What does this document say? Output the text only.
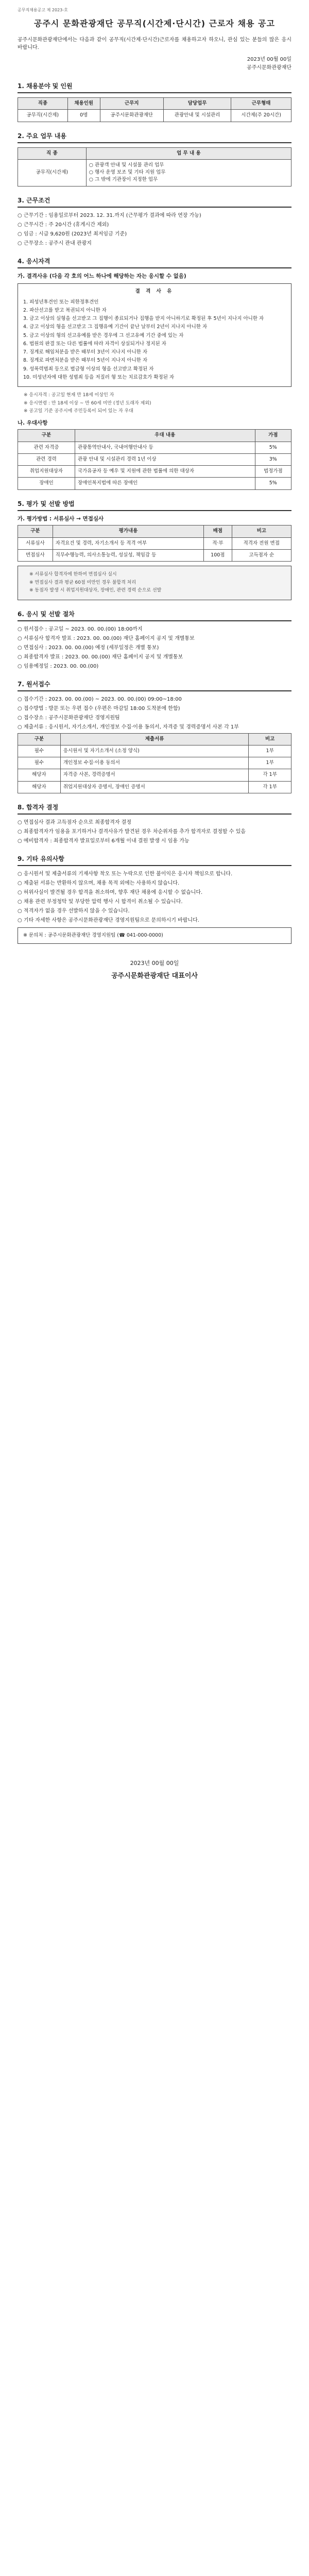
공무직채용공고 제 2023-호
공주시 문화관광재단 공무직(시간제·단시간) 근로자 채용 공고

공주시문화관광재단에서는 다음과 같이 공무직(시간제·단시간)근로자를 채용하고자 하오니, 관심 있는 분들의 많은 응시 바랍니다.

2023년 00월 00일
공주시문화관광재단
1. 채용분야 및 인원
직종	채용인원	근무지	담당업무	근무형태
공무직(시간제)	0명	공주시문화관광재단	관광안내 및 시설관리	시간제(주 20시간)
2. 주요 업무 내용
직 종	업 무 내 용
공무직(시간제)	○ 관광객 안내 및 시설물 관리 업무
○ 행사 운영 보조 및 기타 지원 업무
○ 그 밖에 기관장이 지정한 업무
3. 근무조건
○ 근무기간 : 임용일로부터 2023. 12. 31.까지 (근무평가 결과에 따라 연장 가능)
○ 근무시간 : 주 20시간 (휴게시간 제외)
○ 임금 : 시급 9,620원 (2023년 최저임금 기준)
○ 근무장소 : 공주시 관내 관광지
4. 응시자격
가. 결격사유 (다음 각 호의 어느 하나에 해당하는 자는 응시할 수 없음)
결 격 사 유
1. 피성년후견인 또는 피한정후견인
2. 파산선고를 받고 복권되지 아니한 자
3. 금고 이상의 실형을 선고받고 그 집행이 종료되거나 집행을 받지 아니하기로 확정된 후 5년이 지나지 아니한 자
4. 금고 이상의 형을 선고받고 그 집행유예 기간이 끝난 날부터 2년이 지나지 아니한 자
5. 금고 이상의 형의 선고유예를 받은 경우에 그 선고유예 기간 중에 있는 자
6. 법원의 판결 또는 다른 법률에 따라 자격이 상실되거나 정지된 자
7. 징계로 해임처분을 받은 때부터 3년이 지나지 아니한 자
8. 징계로 파면처분을 받은 때부터 5년이 지나지 아니한 자
9. 성폭력범죄 등으로 벌금형 이상의 형을 선고받고 확정된 자
10. 미성년자에 대한 성범죄 등을 저질러 형 또는 치료감호가 확정된 자
※ 응시자격 : 공고일 현재 만 18세 이상인 자
※ 응시연령 : 만 18세 이상 ~ 만 60세 미만 (정년 도래자 제외)
※ 공고일 기준 공주시에 주민등록이 되어 있는 자 우대
나. 우대사항
구분	우대 내용	가점
관련 자격증	관광통역안내사, 국내여행안내사 등	5%
관련 경력	관광 안내 및 시설관리 경력 1년 이상	3%
취업지원대상자	국가유공자 등 예우 및 지원에 관한 법률에 의한 대상자	법정가점
장애인	장애인복지법에 따른 장애인	5%
5. 평가 및 선발 방법
가. 평가방법 : 서류심사 → 면접심사
구분	평가내용	배점	비고
서류심사	자격요건 및 경력, 자기소개서 등 적격 여부	적·부	적격자 전원 면접
면접심사	직무수행능력, 의사소통능력, 성실성, 책임감 등	100점	고득점자 순
※ 서류심사 합격자에 한하여 면접심사 실시
※ 면접심사 결과 평균 60점 미만인 경우 불합격 처리
※ 동점자 발생 시 취업지원대상자, 장애인, 관련 경력 순으로 선발
6. 응시 및 선발 절차
○ 원서접수 : 공고일 ~ 2023. 00. 00.(00) 18:00까지
○ 서류심사 합격자 발표 : 2023. 00. 00.(00) 재단 홈페이지 공지 및 개별통보
○ 면접심사 : 2023. 00. 00.(00) 예정 (세부일정은 개별 통보)
○ 최종합격자 발표 : 2023. 00. 00.(00) 재단 홈페이지 공지 및 개별통보
○ 임용예정일 : 2023. 00. 00.(00)
7. 원서접수
○ 접수기간 : 2023. 00. 00.(00) ~ 2023. 00. 00.(00) 09:00~18:00
○ 접수방법 : 방문 또는 우편 접수 (우편은 마감일 18:00 도착분에 한함)
○ 접수장소 : 공주시문화관광재단 경영지원팀
○ 제출서류 : 응시원서, 자기소개서, 개인정보 수집·이용 동의서, 자격증 및 경력증명서 사본 각 1부
구분	제출서류	비고
필수	응시원서 및 자기소개서 (소정 양식)	1부
필수	개인정보 수집·이용 동의서	1부
해당자	자격증 사본, 경력증명서	각 1부
해당자	취업지원대상자 증명서, 장애인 증명서	각 1부
8. 합격자 결정
○ 면접심사 결과 고득점자 순으로 최종합격자 결정
○ 최종합격자가 임용을 포기하거나 결격사유가 발견된 경우 차순위자를 추가 합격자로 결정할 수 있음
○ 예비합격자 : 최종합격자 발표일로부터 6개월 이내 결원 발생 시 임용 가능
9. 기타 유의사항
○ 응시원서 및 제출서류의 기재사항 착오 또는 누락으로 인한 불이익은 응시자 책임으로 합니다.
○ 제출된 서류는 반환하지 않으며, 채용 목적 외에는 사용하지 않습니다.
○ 허위사실이 발견될 경우 합격을 취소하며, 향후 재단 채용에 응시할 수 없습니다.
○ 채용 관련 부정청탁 및 부당한 압력 행사 시 합격이 취소될 수 있습니다.
○ 적격자가 없을 경우 선발하지 않을 수 있습니다.
○ 기타 자세한 사항은 공주시문화관광재단 경영지원팀으로 문의하시기 바랍니다.
※ 문의처 : 공주시문화관광재단 경영지원팀 (☎ 041-000-0000)
2023년 00월 00일
공주시문화관광재단 대표이사
